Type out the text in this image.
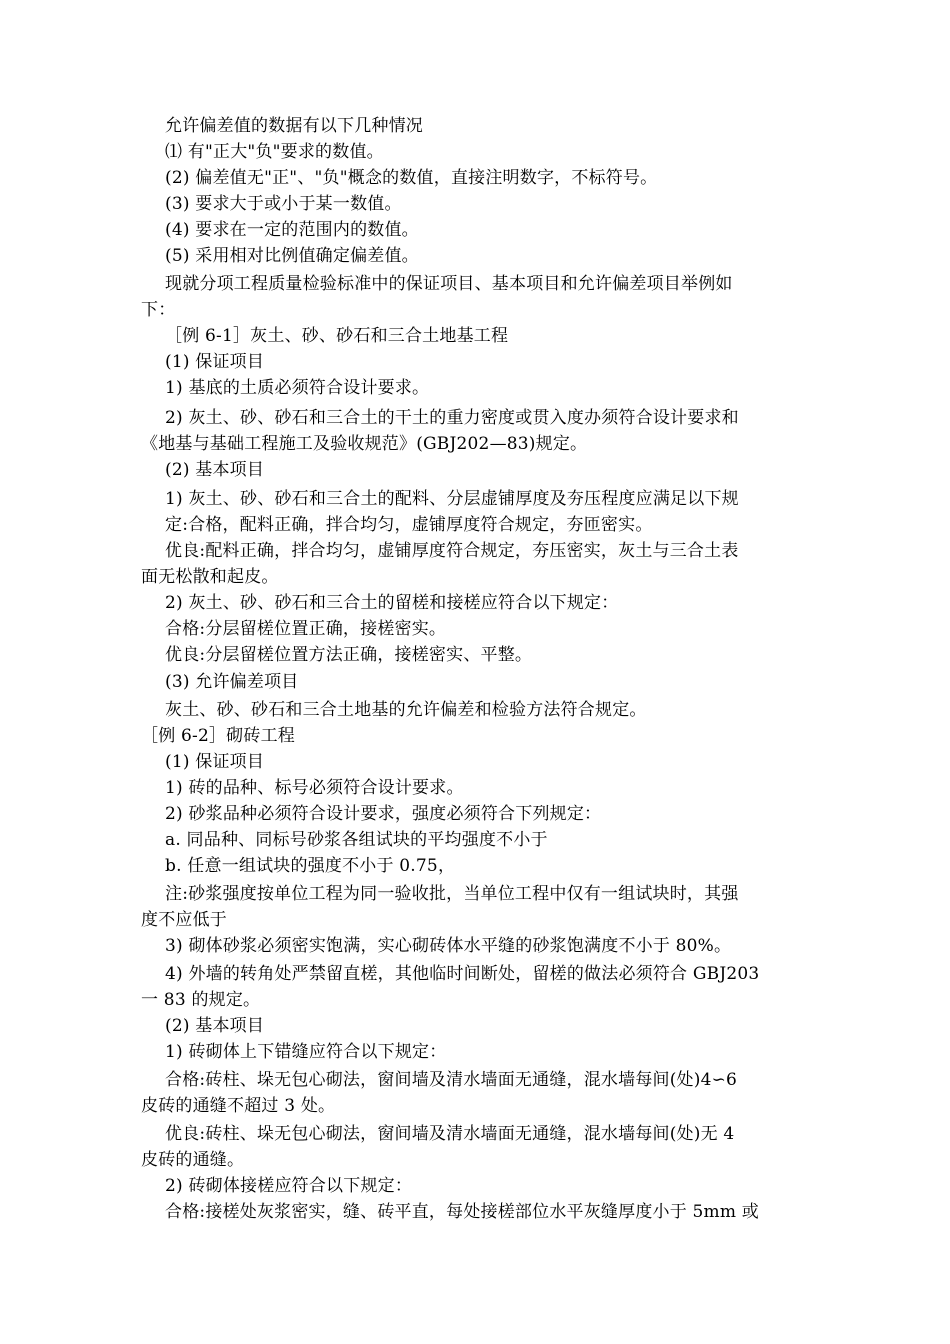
允许偏差值的数据有以下几种情况
⑴ 有"正大"负"要求的数值。
(2) 偏差值无"正"、"负"概念的数值，直接注明数字，不标符号。
(3) 要求大于或小于某一数值。
(4) 要求在一定的范围内的数值。
(5) 采用相对比例值确定偏差值。
现就分项工程质量检验标准中的保证项目、基本项目和允许偏差项目举例如
下：
［例 6-1］灰土、砂、砂石和三合土地基工程
(1) 保证项目
1) 基底的土质必须符合设计要求。
2) 灰土、砂、砂石和三合土的干土的重力密度或贯入度办须符合设计要求和
《地基与基础工程施工及验收规范》(GBJ202—83)规定。
(2) 基本项目
1) 灰土、砂、砂石和三合土的配料、分层虚铺厚度及夯压程度应满足以下规
定:合格，配料正确，拌合均匀，虚铺厚度符合规定，夯匝密实。
优良:配料正确，拌合均匀，虚铺厚度符合规定，夯压密实，灰土与三合土表
面无松散和起皮。
2) 灰土、砂、砂石和三合土的留槎和接槎应符合以下规定：
合格:分层留槎位置正确，接槎密实。
优良:分层留槎位置方法正确，接槎密实、平整。
(3) 允许偏差项目
灰土、砂、砂石和三合土地基的允许偏差和检验方法符合规定。
［例 6-2］砌砖工程
(1) 保证项目
1) 砖的品种、标号必须符合设计要求。
2) 砂浆品种必须符合设计要求，强度必须符合下列规定：
a. 同品种、同标号砂浆各组试块的平均强度不小于
b. 任意一组试块的强度不小于 0.75，
注:砂浆强度按单位工程为同一验收批，当单位工程中仅有一组试块时，其强
度不应低于
3) 砌体砂浆必须密实饱满，实心砌砖体水平缝的砂浆饱满度不小于 80%。
4) 外墙的转角处严禁留直槎，其他临时间断处，留槎的做法必须符合 GBJ203
一 83 的规定。
(2) 基本项目
1) 砖砌体上下错缝应符合以下规定：
合格:砖柱、垛无包心砌法，窗间墙及清水墙面无通缝，混水墙每间(处)4∽6
皮砖的通缝不超过 3 处。
优良:砖柱、垛无包心砌法，窗间墙及清水墙面无通缝，混水墙每间(处)无 4
皮砖的通缝。
2) 砖砌体接槎应符合以下规定：
合格:接槎处灰浆密实，缝、砖平直，每处接槎部位水平灰缝厚度小于 5mm 或
